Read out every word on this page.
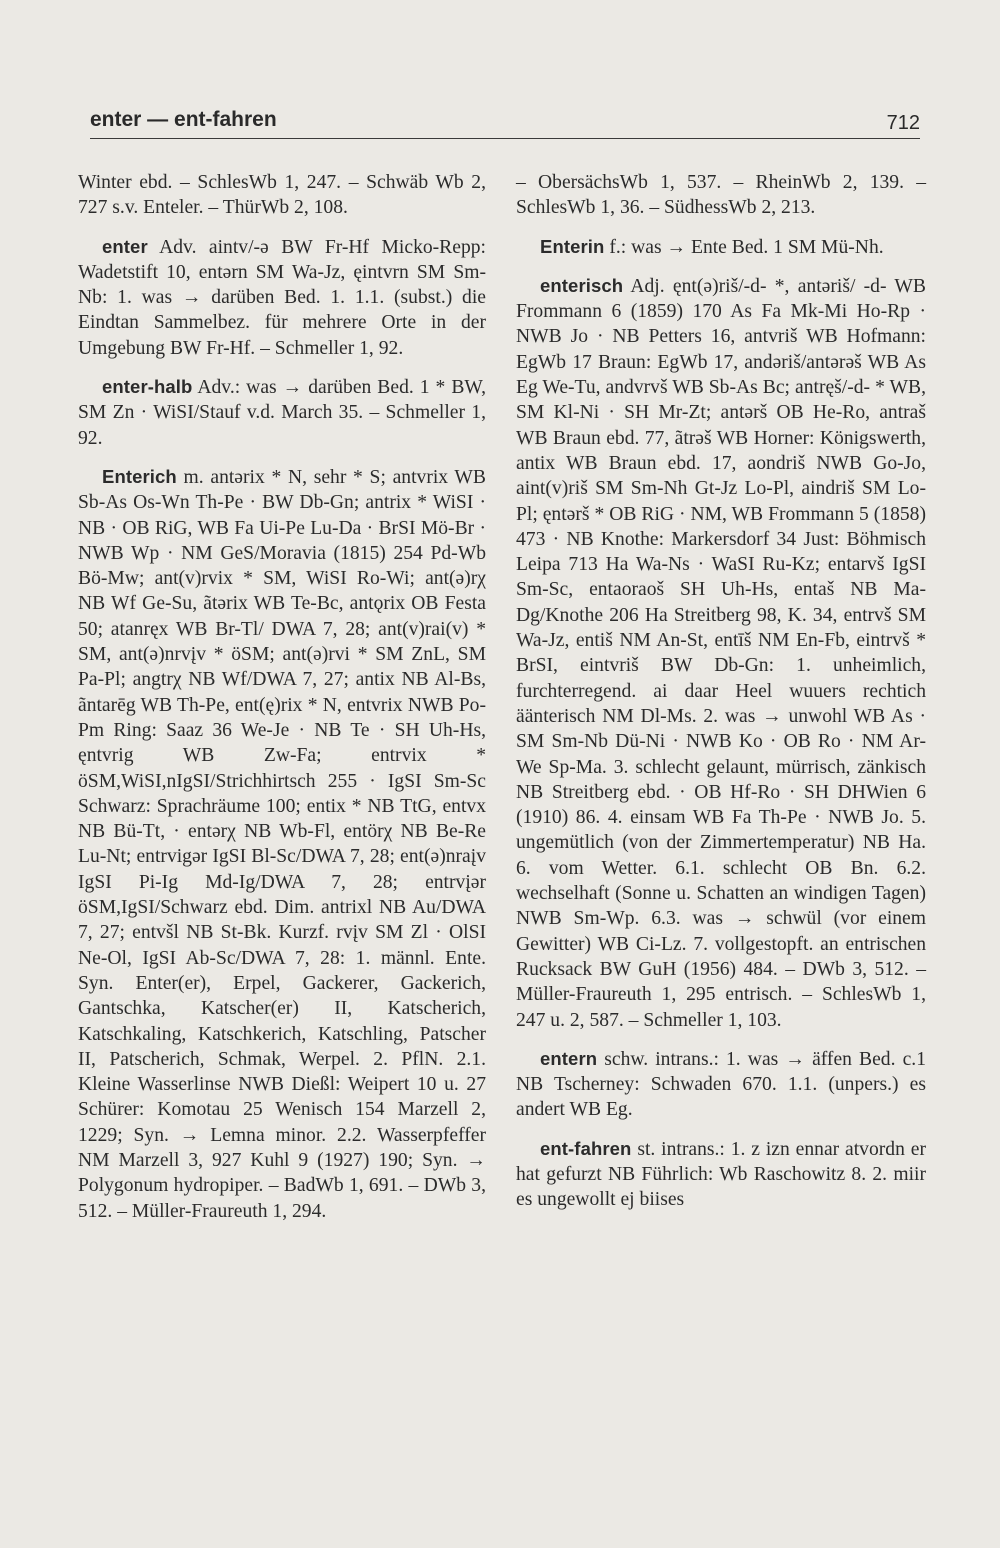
enter — ent-fahren	712

Winter ebd. – SchlesWb 1, 247. – Schwäb Wb 2, 727 s.v. Enteler. – ThürWb 2, 108.

enter Adv. aintv/-ə BW Fr-Hf Micko-Repp: Wadetstift 10, entərn SM Wa-Jz, ęintvrn SM Sm-Nb: 1. was → darüben Bed. 1. 1.1. (subst.) die Eindtan Sammelbez. für mehrere Orte in der Umgebung BW Fr-Hf. – Schmeller 1, 92.

enter-halb Adv.: was → darüben Bed. 1 * BW, SM Zn · WiSI/Stauf v.d. March 35. – Schmeller 1, 92.

Enterich m. antərix * N, sehr * S; antvrix WB Sb-As Os-Wn Th-Pe · BW Db-Gn; antrix * WiSI · NB · OB RiG, WB Fa Ui-Pe Lu-Da · BrSI Mö-Br · NWB Wp · NM GeS/Moravia (1815) 254 Pd-Wb Bö-Mw; ant(v)rvix * SM, WiSI Ro-Wi; ant(ə)rχ NB Wf Ge-Su, ãtərix WB Te-Bc, antǫrix OB Festa 50; atanręx WB Br-Tl/ DWA 7, 28; ant(v)rai(v) * SM, ant(ə)nrvįv * öSM; ant(ə)rvi * SM ZnL, SM Pa-Pl; angtrχ NB Wf/DWA 7, 27; antix NB Al-Bs, ãntarēg WB Th-Pe, ent(ę)rix * N, entvrix NWB Po-Pm Ring: Saaz 36 We-Je · NB Te · SH Uh-Hs, ęntvrig WB Zw-Fa; entrvix * öSM,WiSI,nIgSI/Strichhirtsch 255 · IgSI Sm-Sc Schwarz: Sprachräume 100; entix * NB TtG, entvx NB Bü-Tt, · entərχ NB Wb-Fl, entörχ NB Be-Re Lu-Nt; entrvigər IgSI Bl-Sc/DWA 7, 28; ent(ə)nraįv IgSI Pi-Ig Md-Ig/DWA 7, 28; entrvįər öSM,IgSI/Schwarz ebd. Dim. antrixl NB Au/DWA 7, 27; entvšl NB St-Bk. Kurzf. rvįv SM Zl · OlSI Ne-Ol, IgSI Ab-Sc/DWA 7, 28: 1. männl. Ente. Syn. Enter(er), Erpel, Gackerer, Gackerich, Gantschka, Katscher(er) II, Katscherich, Katschkaling, Katschkerich, Katschling, Patscher II, Patscherich, Schmak, Werpel. 2. PflN. 2.1. Kleine Wasserlinse NWB Dießl: Weipert 10 u. 27 Schürer: Komotau 25 Wenisch 154 Marzell 2, 1229; Syn. → Lemna minor. 2.2. Wasserpfeffer NM Marzell 3, 927 Kuhl 9 (1927) 190; Syn. → Polygonum hydropiper. – BadWb 1, 691. – DWb 3, 512. – Müller-Fraureuth 1, 294.

– ObersächsWb 1, 537. – RheinWb 2, 139. – SchlesWb 1, 36. – SüdhessWb 2, 213.

Enterin f.: was → Ente Bed. 1 SM Mü-Nh.

enterisch Adj. ęnt(ə)riš/-d- *, antəriš/ -d- WB Frommann 6 (1859) 170 As Fa Mk-Mi Ho-Rp · NWB Jo · NB Petters 16, antvriš WB Hofmann: EgWb 17 Braun: EgWb 17, andəriš/antərəš WB As Eg We-Tu, andvrvš WB Sb-As Bc; antręš/-d- * WB, SM Kl-Ni · SH Mr-Zt; antərš OB He-Ro, antraš WB Braun ebd. 77, ãtrəš WB Horner: Königswerth, antix WB Braun ebd. 17, aondriš NWB Go-Jo, aint(v)riš SM Sm-Nh Gt-Jz Lo-Pl, aindriš SM Lo-Pl; ęntərš * OB RiG · NM, WB Frommann 5 (1858) 473 · NB Knothe: Markersdorf 34 Just: Böhmisch Leipa 713 Ha Wa-Ns · WaSI Ru-Kz; entarvš IgSI Sm-Sc, entaoraoš SH Uh-Hs, entaš NB Ma-Dg/Knothe 206 Ha Streitberg 98, K. 34, entrvš SM Wa-Jz, entiš NM An-St, entīš NM En-Fb, eintrvš * BrSI, eintvriš BW Db-Gn: 1. unheimlich, furchterregend. ai daar Heel wuuers rechtich äänterisch NM Dl-Ms. 2. was → unwohl WB As · SM Sm-Nb Dü-Ni · NWB Ko · OB Ro · NM Ar-We Sp-Ma. 3. schlecht gelaunt, mürrisch, zänkisch NB Streitberg ebd. · OB Hf-Ro · SH DHWien 6 (1910) 86. 4. einsam WB Fa Th-Pe · NWB Jo. 5. ungemütlich (von der Zimmertemperatur) NB Ha. 6. vom Wetter. 6.1. schlecht OB Bn. 6.2. wechselhaft (Sonne u. Schatten an windigen Tagen) NWB Sm-Wp. 6.3. was → schwül (vor einem Gewitter) WB Ci-Lz. 7. vollgestopft. an entrischen Rucksack BW GuH (1956) 484. – DWb 3, 512. – Müller-Fraureuth 1, 295 entrisch. – SchlesWb 1, 247 u. 2, 587. – Schmeller 1, 103.

entern schw. intrans.: 1. was → äffen Bed. c.1 NB Tscherney: Schwaden 670. 1.1. (unpers.) es andert WB Eg.

ent-fahren st. intrans.: 1. z izn ennar atvordn er hat gefurzt NB Führlich: Wb Raschowitz 8. 2. miir es ungewollt ej biises
